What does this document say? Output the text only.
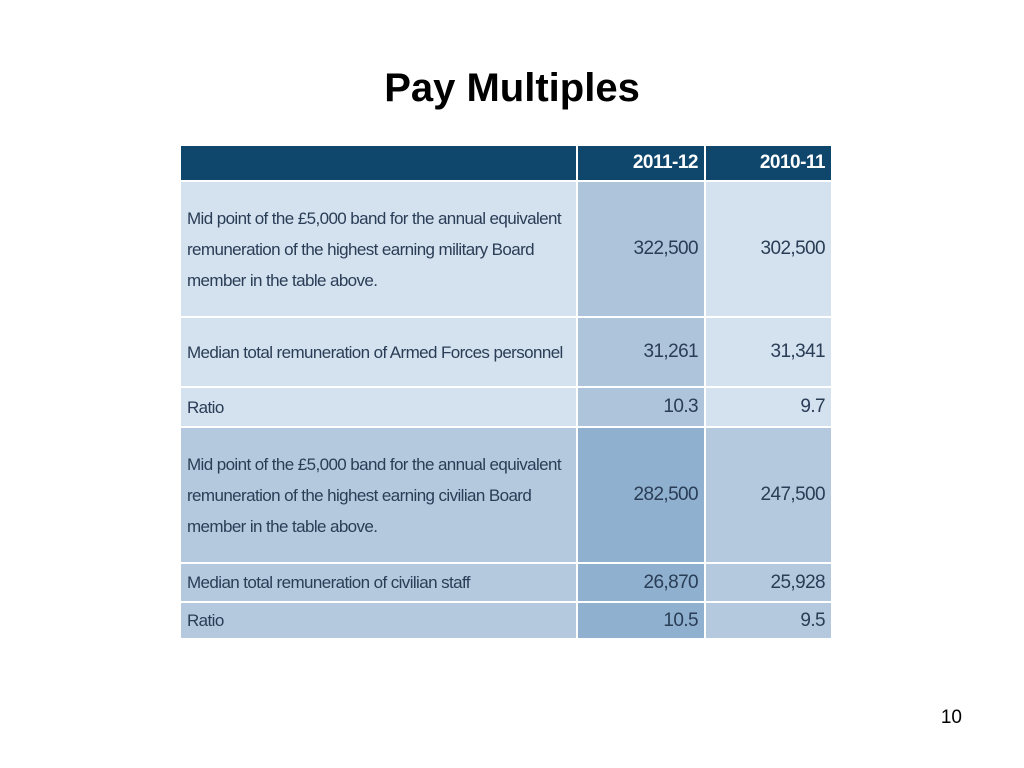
Pay Multiples
	2011-12	2010-11
Mid point of the £5,000 band for the annual equivalent remuneration of the highest earning military Board member in the table above.	322,500	302,500
Median total remuneration of Armed Forces personnel	31,261	31,341
Ratio	10.3	9.7
Mid point of the £5,000 band for the annual equivalent remuneration of the highest earning civilian Board member in the table above.	282,500	247,500
Median total remuneration of civilian staff	26,870	25,928
Ratio	10.5	9.5
10
